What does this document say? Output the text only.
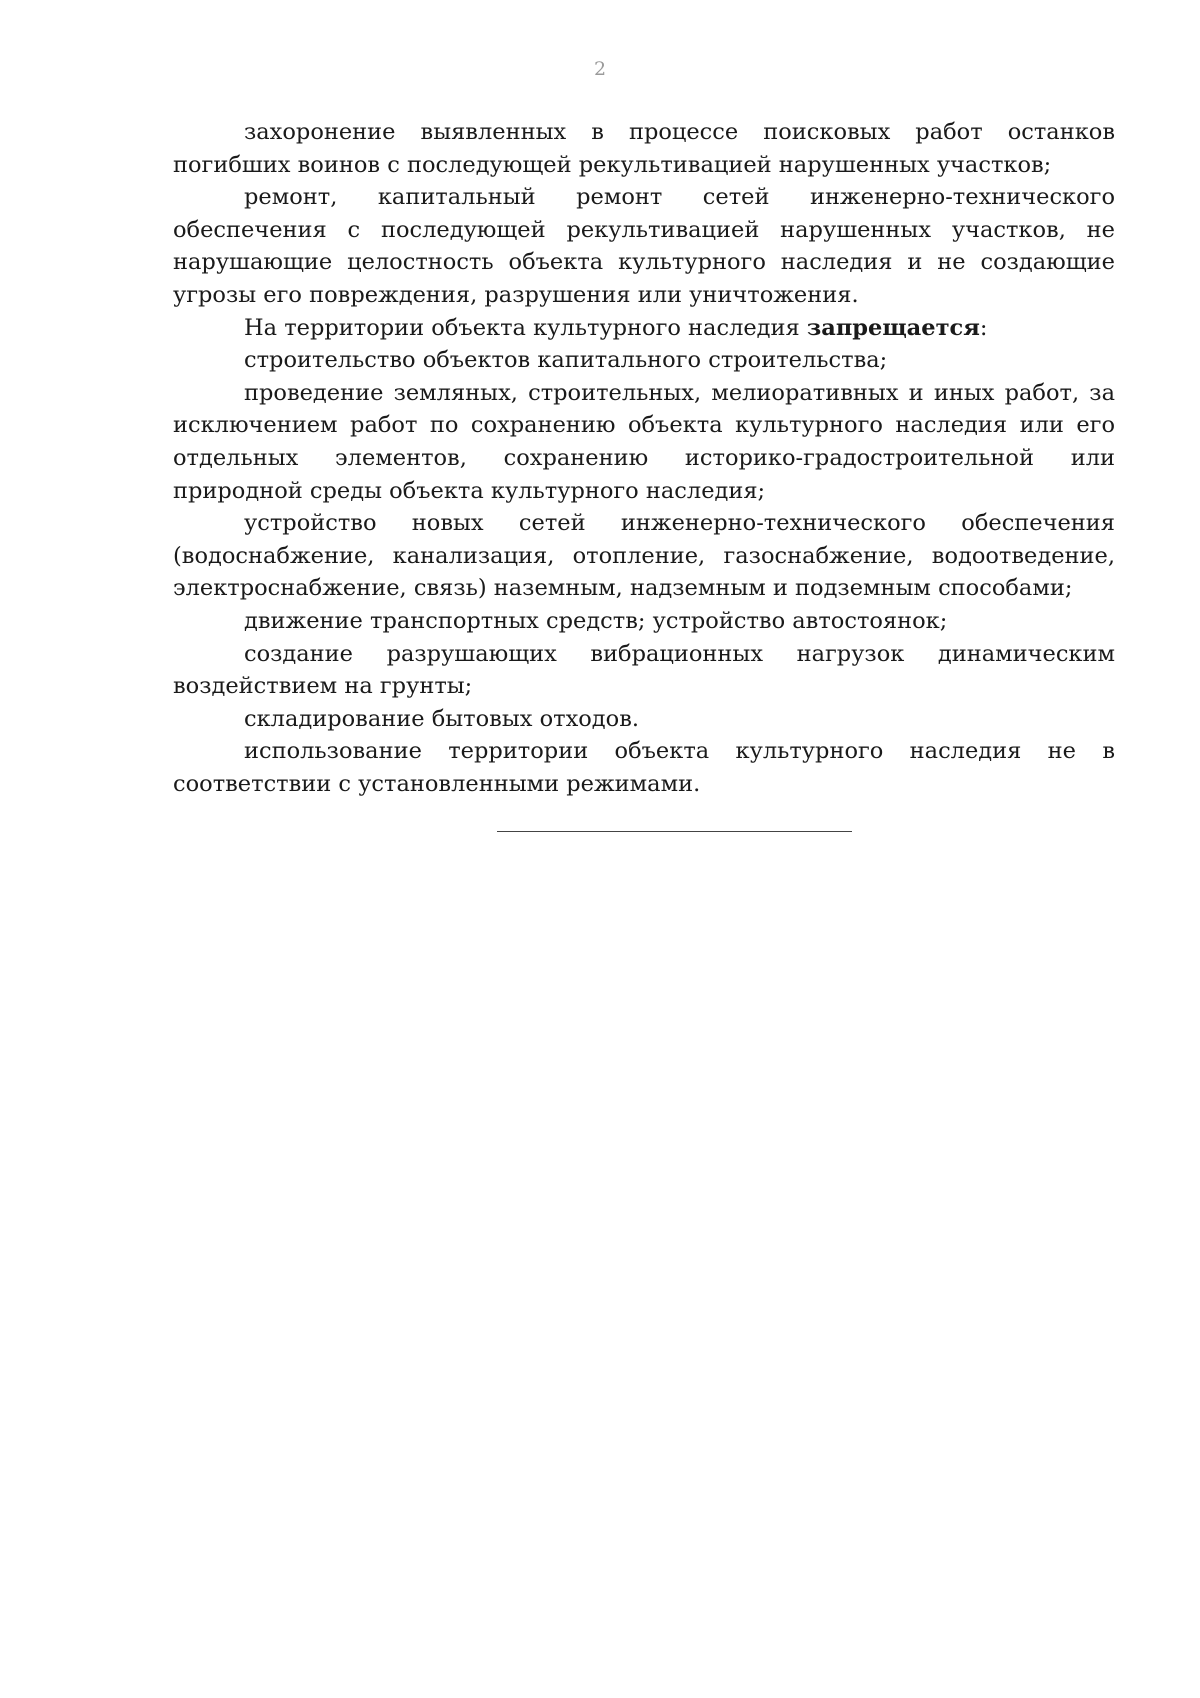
2

захоронение выявленных в процессе поисковых работ останков погибших воинов с последующей рекультивацией нарушенных участков;

ремонт, капитальный ремонт сетей инженерно-технического обеспечения с последующей рекультивацией нарушенных участков, не нарушающие целостность объекта культурного наследия и не создающие угрозы его повреждения, разрушения или уничтожения.

На территории объекта культурного наследия запрещается:

строительство объектов капитального строительства;

проведение земляных, строительных, мелиоративных и иных работ, за исключением работ по сохранению объекта культурного наследия или его отдельных элементов, сохранению историко-градостроительной или природной среды объекта культурного наследия;

устройство новых сетей инженерно-технического обеспечения (водоснабжение, канализация, отопление, газоснабжение, водоотведение, электроснабжение, связь) наземным, надземным и подземным способами;

движение транспортных средств; устройство автостоянок;

создание разрушающих вибрационных нагрузок динамическим воздействием на грунты;

складирование бытовых отходов.

использование территории объекта культурного наследия не в соответствии с установленными режимами.
